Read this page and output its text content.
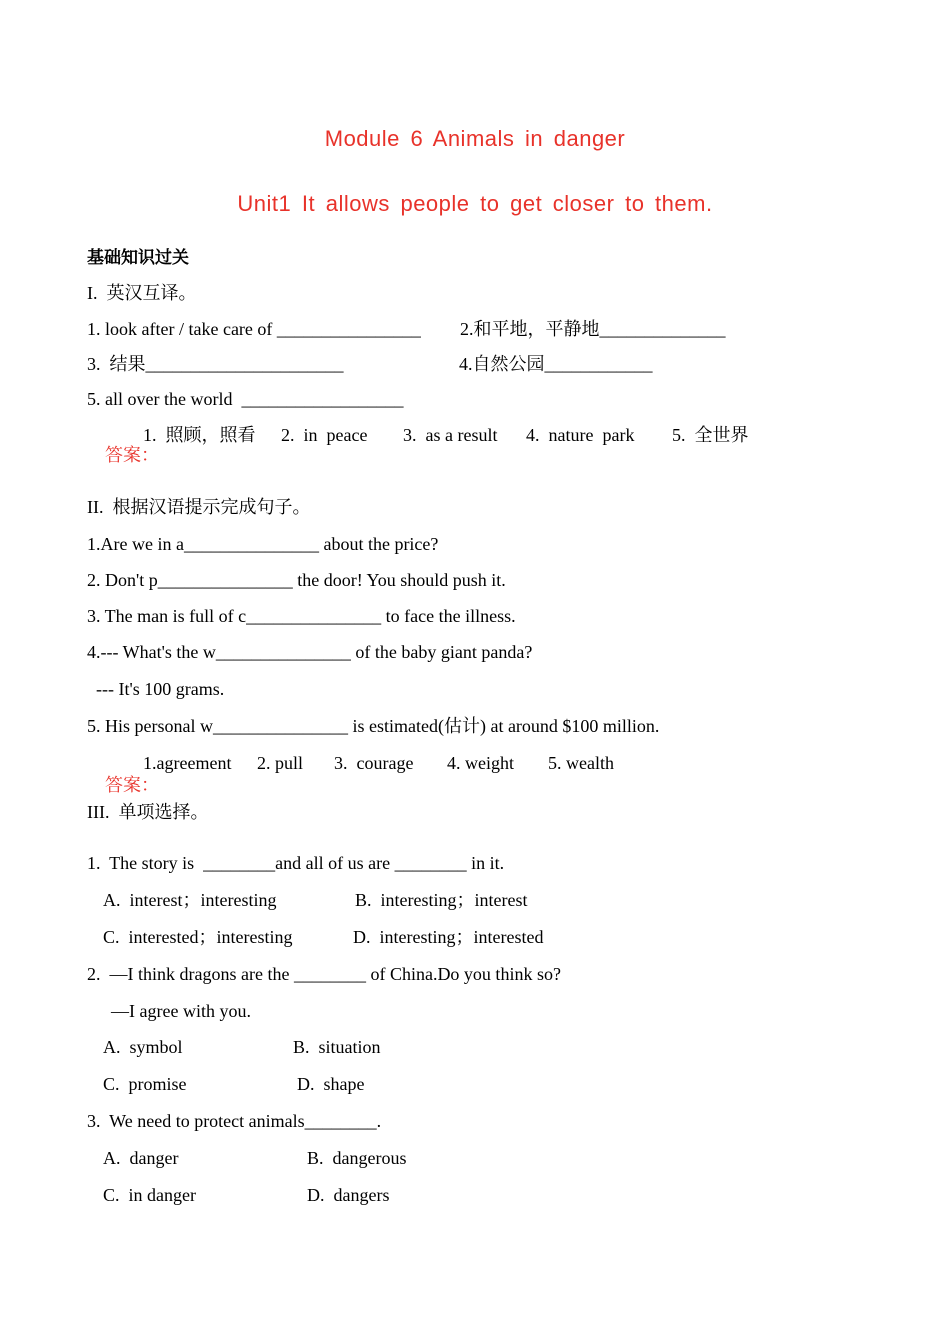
Module 6 Animals in danger
Unit1 It allows people to get closer to them.
基础知识过关
I.  英汉互译。
1. look after / take care of ________________ 2.和平地，平静地______________
3.  结果______________________	4.自然公园____________
5. all over the world  __________________

答案：

1.  照顾，照看 2.  in  peace 3.  as a result 4.  nature  park 5.  全世界
II.  根据汉语提示完成句子。
1.Are we in a_______________ about the price?
2. Don't p_______________ the door! You should push it.
3. The man is full of c_______________ to face the illness.
4.--- What's the w_______________ of the baby giant panda?
--- It's 100 grams.
5. His personal w_______________ is estimated(估计) at around $100 million.

答案：

1.agreement 2. pull 3.  courage 4. weight 5. wealth
III.  单项选择。
1.  The story is  ________and all of us are ________ in it.
A.  interest；interesting	B.  interesting；interest
C.  interested；interesting	D.  interesting；interested
2.  —I think dragons are the ________ of China.Do you think so?
—I agree with you.
A.  symbol	B.  situation
C.  promise	D.  shape
3.  We need to protect animals________.
A.  danger	B.  dangerous
C.  in danger	D.  dangers
